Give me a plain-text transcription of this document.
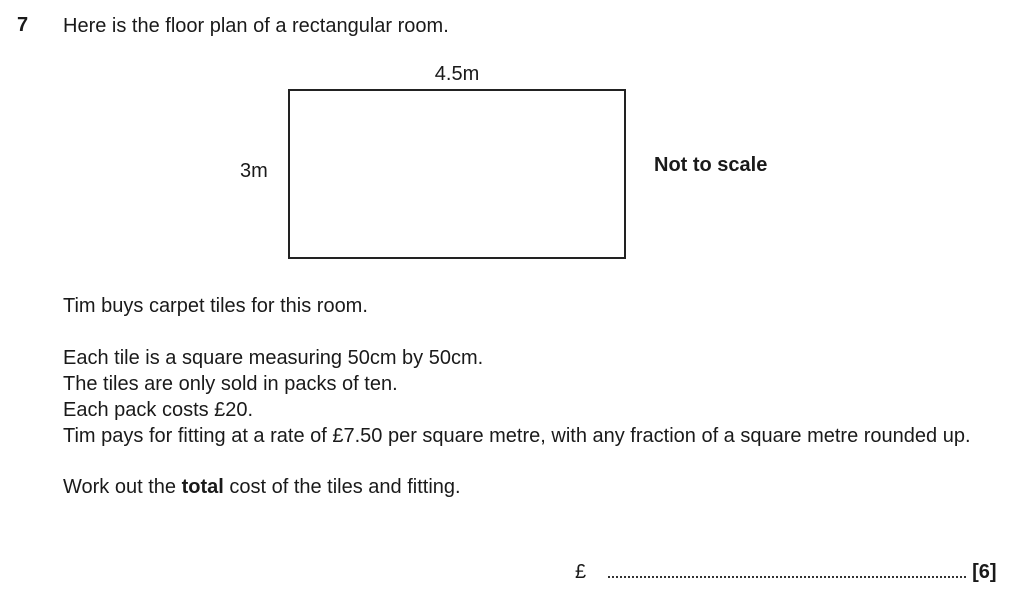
7 Here is the floor plan of a rectangular room.
4.5m
3m	Not to scale
Tim buys carpet tiles for this room.
Each tile is a square measuring 50cm by 50cm.
The tiles are only sold in packs of ten.
Each pack costs £20.
Tim pays for fitting at a rate of £7.50 per square metre, with any fraction of a square metre rounded up.
Work out the total cost of the tiles and fitting.
£	[6]
